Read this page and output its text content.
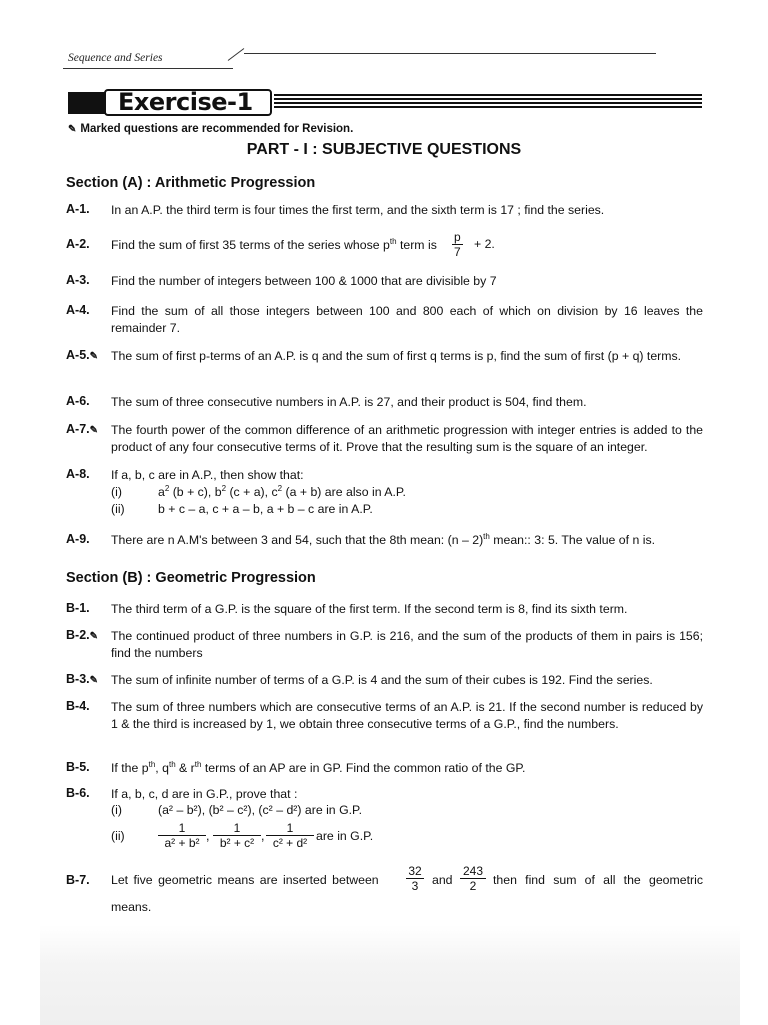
Sequence and Series
Exercise-1
✎ Marked questions are recommended for Revision.
PART - I : SUBJECTIVE QUESTIONS
Section (A) : Arithmetic Progression
A-1. In an A.P. the third term is four times the first term, and the sixth term is 17 ; find the series.
A-2. Find the sum of first 35 terms of the series whose $p^{th}$ term is $\frac{p}{7} + 2$.
A-3. Find the number of integers between 100 & 1000 that are divisible by 7
A-4. Find the sum of all those integers between 100 and 800 each of which on division by 16 leaves the remainder 7.
A-5.✎	The sum of first p-terms of an A.P. is q and the sum of first q terms is p, find the sum of first (p + q) terms.
A-6. The sum of three consecutive numbers in A.P. is 27, and their product is 504, find them.
A-7.✎	The fourth power of the common difference of an arithmetic progression with integer entries is added to the product of any four consecutive terms of it. Prove that the resulting sum is the square of an integer.
A-8. If a, b, c are in A.P., then show that:
(i)	$a^2$ (b + c), $b^2$ (c + a), $c^2$ (a + b) are also in A.P.
(ii)	b + c – a, c + a – b, a + b – c are in A.P.
A-9. There are n A.M's between 3 and 54, such that the 8th mean: (n – 2)$^{th}$ mean:: 3: 5. The value of n is.
Section (B) : Geometric Progression
B-1. The third term of a G.P. is the square of the first term. If the second term is 8, find its sixth term.
B-2.✎	The continued product of three numbers in G.P. is 216, and the sum of the products of them in pairs is 156; find the numbers
B-3.✎	The sum of infinite number of terms of a G.P. is 4 and the sum of their cubes is 192. Find the series.
B-4. The sum of three numbers which are consecutive terms of an A.P. is 21. If the second number is reduced by 1 & the third is increased by 1, we obtain three consecutive terms of a G.P., find the numbers.
B-5. If the $p^{th}$, $q^{th}$ & $r^{th}$ terms of an AP are in GP. Find the common ratio of the GP.
B-6. If a, b, c, d are in G.P., prove that :
(i)	(a² – b²), (b² – c²), (c² – d²) are in G.P.
(ii)	$\frac{1}{\text{a² + b²}}$ , $\frac{1}{\text{b² + c²}}$ , $\frac{1}{\text{c² + d²}}$ are in G.P.
B-7. Let five geometric means are inserted between $\frac{32}{3}$ and $\frac{243}{2}$ then find sum of all the geometric
means.
